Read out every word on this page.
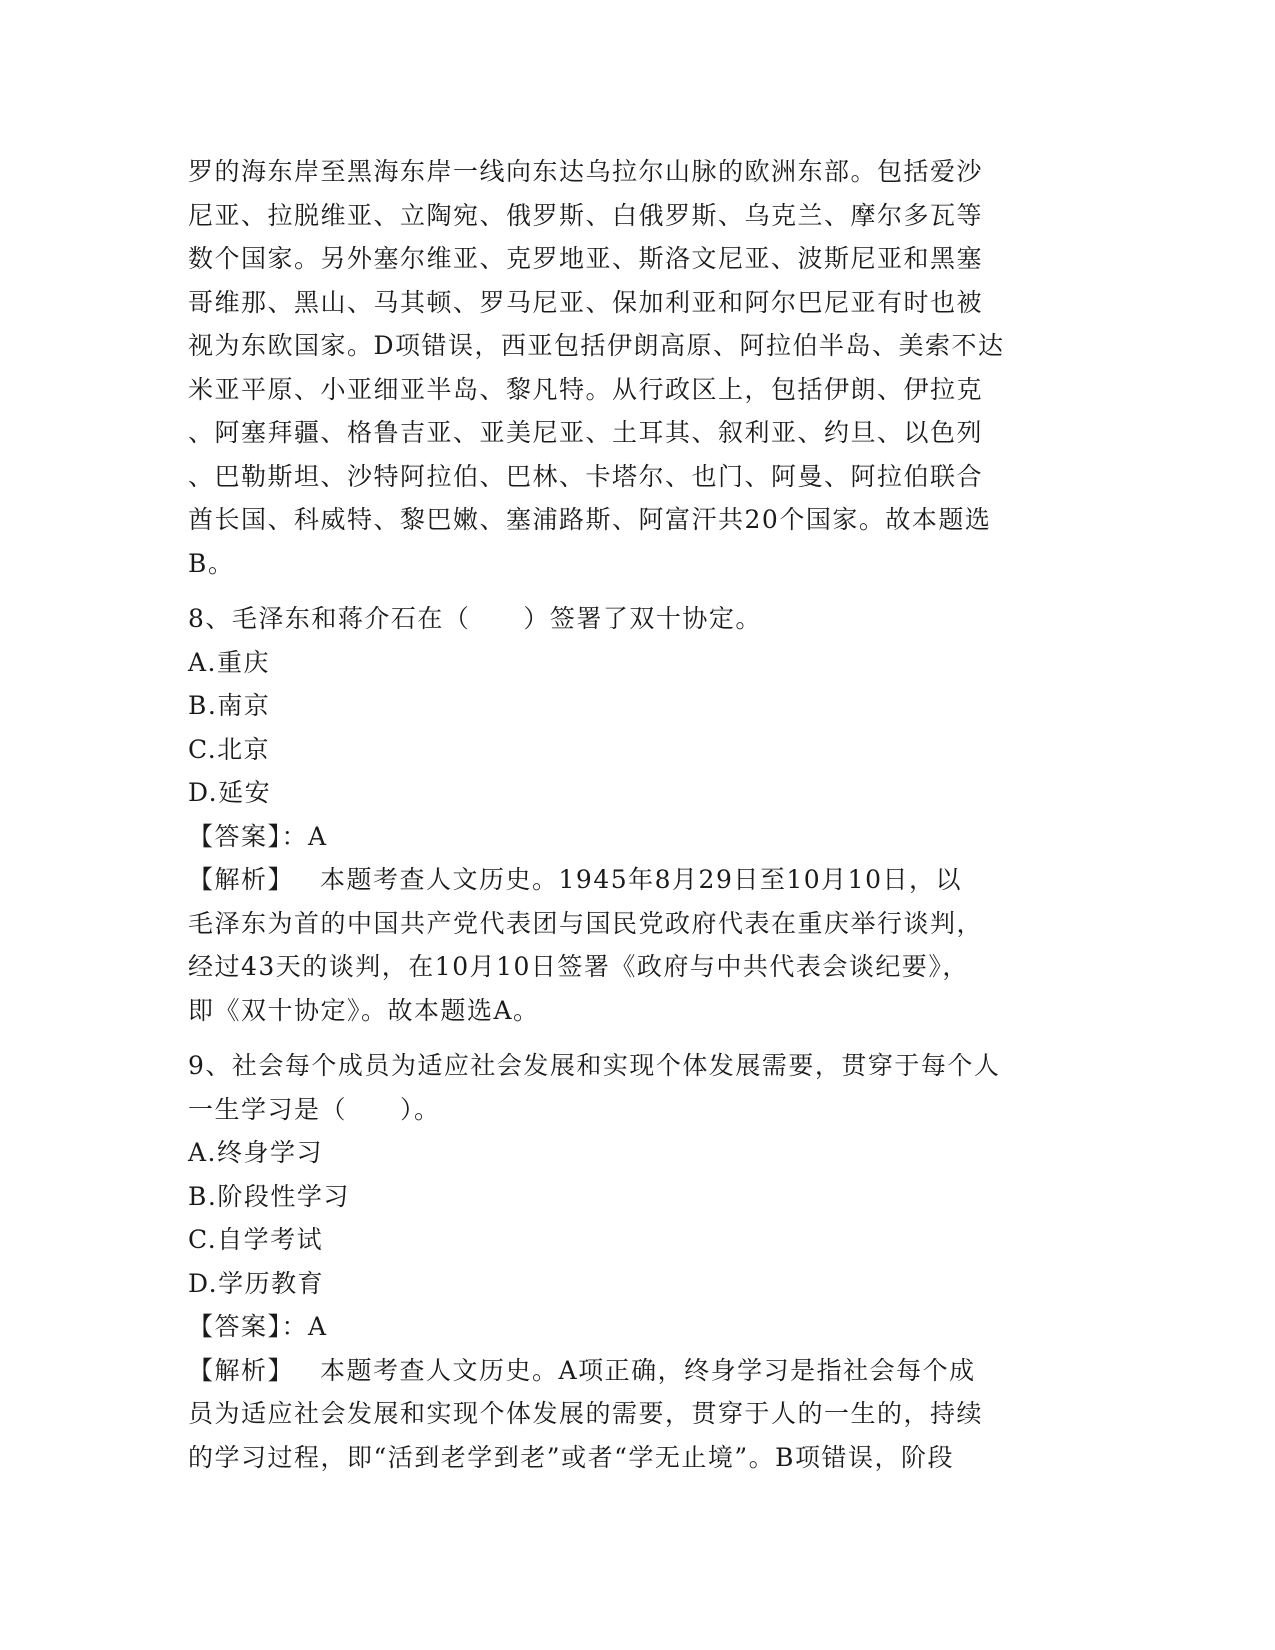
罗的海东岸至黑海东岸一线向东达乌拉尔山脉的欧洲东部。包括爱沙
尼亚、拉脱维亚、立陶宛、俄罗斯、白俄罗斯、乌克兰、摩尔多瓦等
数个国家。另外塞尔维亚、克罗地亚、斯洛文尼亚、波斯尼亚和黑塞
哥维那、黑山、马其顿、罗马尼亚、保加利亚和阿尔巴尼亚有时也被
视为东欧国家。D项错误，西亚包括伊朗高原、阿拉伯半岛、美索不达
米亚平原、小亚细亚半岛、黎凡特。从行政区上，包括伊朗、伊拉克
、阿塞拜疆、格鲁吉亚、亚美尼亚、土耳其、叙利亚、约旦、以色列
、巴勒斯坦、沙特阿拉伯、巴林、卡塔尔、也门、阿曼、阿拉伯联合
酋长国、科威特、黎巴嫩、塞浦路斯、阿富汗共20个国家。故本题选
B。
8、毛泽东和蒋介石在（　　）签署了双十协定。
A.重庆
B.南京
C.北京
D.延安
【答案】：A
【解析】 本题考查人文历史。1945年8月29日至10月10日，以
毛泽东为首的中国共产党代表团与国民党政府代表在重庆举行谈判，
经过43天的谈判，在10月10日签署《政府与中共代表会谈纪要》，
即《双十协定》。故本题选A。
9、社会每个成员为适应社会发展和实现个体发展需要，贯穿于每个人
一生学习是（　　）。
A.终身学习
B.阶段性学习
C.自学考试
D.学历教育
【答案】：A
【解析】 本题考查人文历史。A项正确，终身学习是指社会每个成
员为适应社会发展和实现个体发展的需要，贯穿于人的一生的，持续
的学习过程，即“活到老学到老”或者“学无止境”。B项错误，阶段
